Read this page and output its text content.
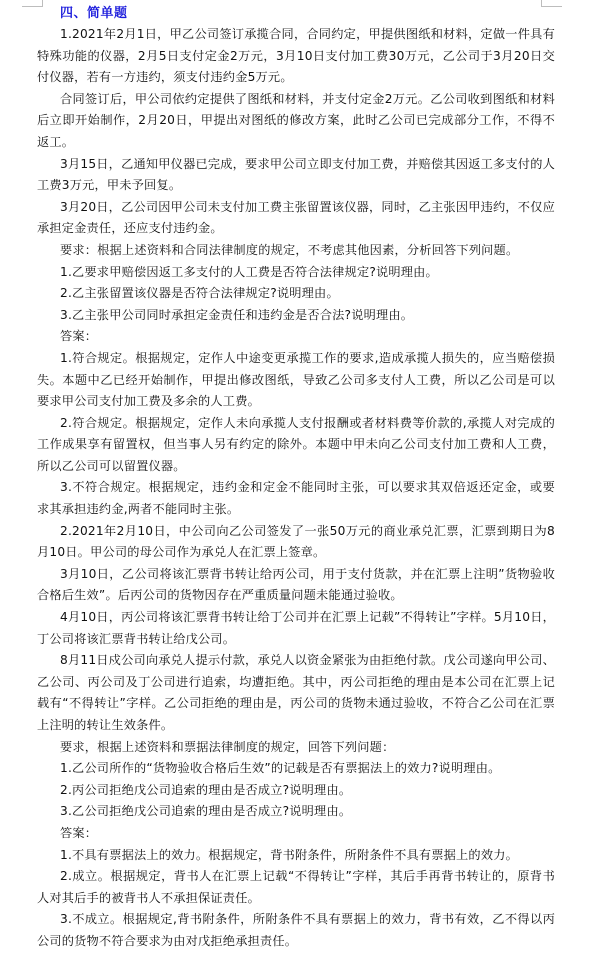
四、简单题

1.2021年2月1日，甲乙公司签订承揽合同，合同约定，甲提供图纸和材料，定做一件具有特殊功能的仪器，2月5日支付定金2万元，3月10日支付加工费30万元，乙公司于3月20日交付仪器，若有一方违约，须支付违约金5万元。

合同签订后，甲公司依约定提供了图纸和材料，并支付定金2万元。乙公司收到图纸和材料后立即开始制作，2月20日，甲提出对图纸的修改方案，此时乙公司已完成部分工作，不得不返工。

3月15日，乙通知甲仪器已完成，要求甲公司立即支付加工费，并赔偿其因返工多支付的人工费3万元，甲未予回复。

3月20日，乙公司因甲公司未支付加工费主张留置该仪器，同时，乙主张因甲违约，不仅应承担定金责任，还应支付违约金。

要求：根据上述资料和合同法律制度的规定，不考虑其他因素，分析回答下列问题。

1.乙要求甲赔偿因返工多支付的人工费是否符合法律规定?说明理由。

2.乙主张留置该仪器是否符合法律规定?说明理由。

3.乙主张甲公司同时承担定金责任和违约金是否合法?说明理由。

答案：

1.符合规定。根据规定，定作人中途变更承揽工作的要求,造成承揽人损失的，应当赔偿损失。本题中乙已经开始制作，甲提出修改图纸，导致乙公司多支付人工费，所以乙公司是可以要求甲公司支付加工费及多余的人工费。

2.符合规定。根据规定，定作人未向承揽人支付报酬或者材料费等价款的,承揽人对完成的工作成果享有留置权，但当事人另有约定的除外。本题中甲未向乙公司支付加工费和人工费，所以乙公司可以留置仪器。

3.不符合规定。根据规定，违约金和定金不能同时主张，可以要求其双倍返还定金，或要求其承担违约金,两者不能同时主张。

2.2021年2月10日，中公司向乙公司签发了一张50万元的商业承兑汇票，汇票到期日为8月10日。甲公司的母公司作为承兑人在汇票上签章。

3月10日，乙公司将该汇票背书转让给丙公司，用于支付货款，并在汇票上注明”货物验收合格后生效”。后丙公司的货物因存在严重质量问题未能通过验收。

4月10日，丙公司将该汇票背书转让给丁公司并在汇票上记载”不得转让”字样。5月10日，丁公司将该汇票背书转让给戊公司。

8月11日戍公司向承兑人提示付款，承兑人以资金紧张为由拒绝付款。戊公司遂向甲公司、乙公司、丙公司及丁公司进行追索，均遭拒绝。其中，丙公司拒绝的理由是本公司在汇票上记载有“不得转让”字样。乙公司拒绝的理由是，丙公司的货物未通过验收，不符合乙公司在汇票上注明的转让生效条件。

要求，根据上述资料和票据法律制度的规定，回答下列问题：

1.乙公司所作的“货物验收合格后生效”的记载是否有票据法上的效力?说明理由。

2.丙公司拒绝戊公司追索的理由是否成立?说明理由。

3.乙公司拒绝戊公司追索的理由是否成立?说明理由。

答案：

1.不具有票据法上的效力。根据规定，背书附条件，所附条件不具有票据上的效力。

2.成立。根据规定，背书人在汇票上记载“不得转让”字样，其后手再背书转让的，原背书人对其后手的被背书人不承担保证责任。

3.不成立。根据规定,背书附条件，所附条件不具有票据上的效力，背书有效，乙不得以丙公司的货物不符合要求为由对戊拒绝承担责任。
